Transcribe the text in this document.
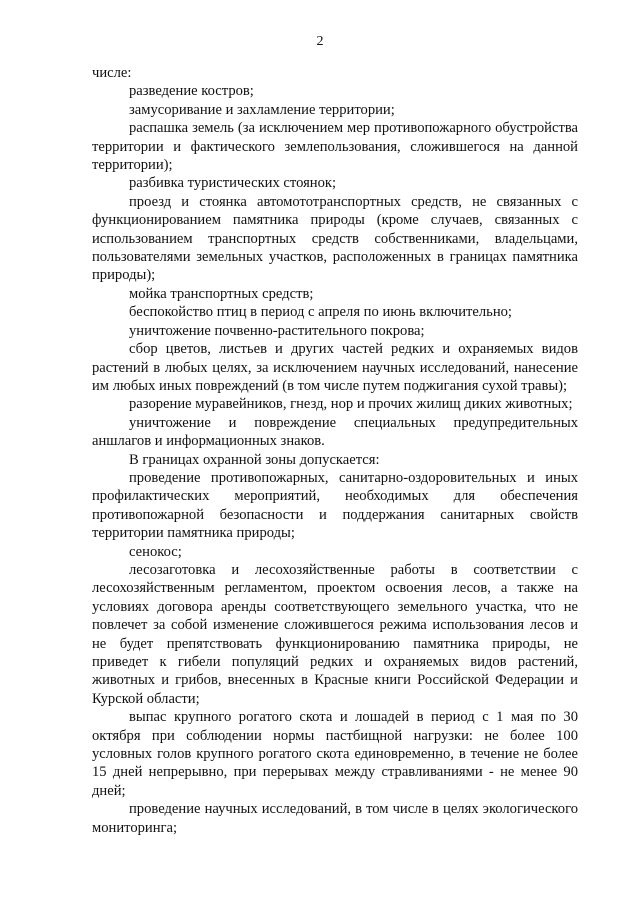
2

числе:

разведение костров;

замусоривание и захламление территории;

распашка земель (за исключением мер противопожарного обустройства территории и фактического землепользования, сложившегося на данной территории);

разбивка туристических стоянок;

проезд и стоянка автомототранспортных средств, не связанных с функционированием памятника природы (кроме случаев, связанных с использованием транспортных средств собственниками, владельцами, пользователями земельных участков, расположенных в границах памятника природы);

мойка транспортных средств;

беспокойство птиц в период с апреля по июнь включительно;

уничтожение почвенно-растительного покрова;

сбор цветов, листьев и других частей редких и охраняемых видов растений в любых целях, за исключением научных исследований, нанесение им любых иных повреждений (в том числе путем поджигания сухой травы);

разорение муравейников, гнезд, нор и прочих жилищ диких животных;

уничтожение и повреждение специальных предупредительных аншлагов и информационных знаков.

В границах охранной зоны допускается:

проведение противопожарных, санитарно-оздоровительных и иных профилактических мероприятий, необходимых для обеспечения противопожарной безопасности и поддержания санитарных свойств территории памятника природы;

сенокос;

лесозаготовка и лесохозяйственные работы в соответствии с лесохозяйственным регламентом, проектом освоения лесов, а также на условиях договора аренды соответствующего земельного участка, что не повлечет за собой изменение сложившегося режима использования лесов и не будет препятствовать функционированию памятника природы, не приведет к гибели популяций редких и охраняемых видов растений, животных и грибов, внесенных в Красные книги Российской Федерации и Курской области;

выпас крупного рогатого скота и лошадей в период с 1 мая по 30 октября при соблюдении нормы пастбищной нагрузки: не более 100 условных голов крупного рогатого скота единовременно, в течение не более 15 дней непрерывно, при перерывах между стравливаниями - не менее 90 дней;

проведение научных исследований, в том числе в целях экологического мониторинга;
